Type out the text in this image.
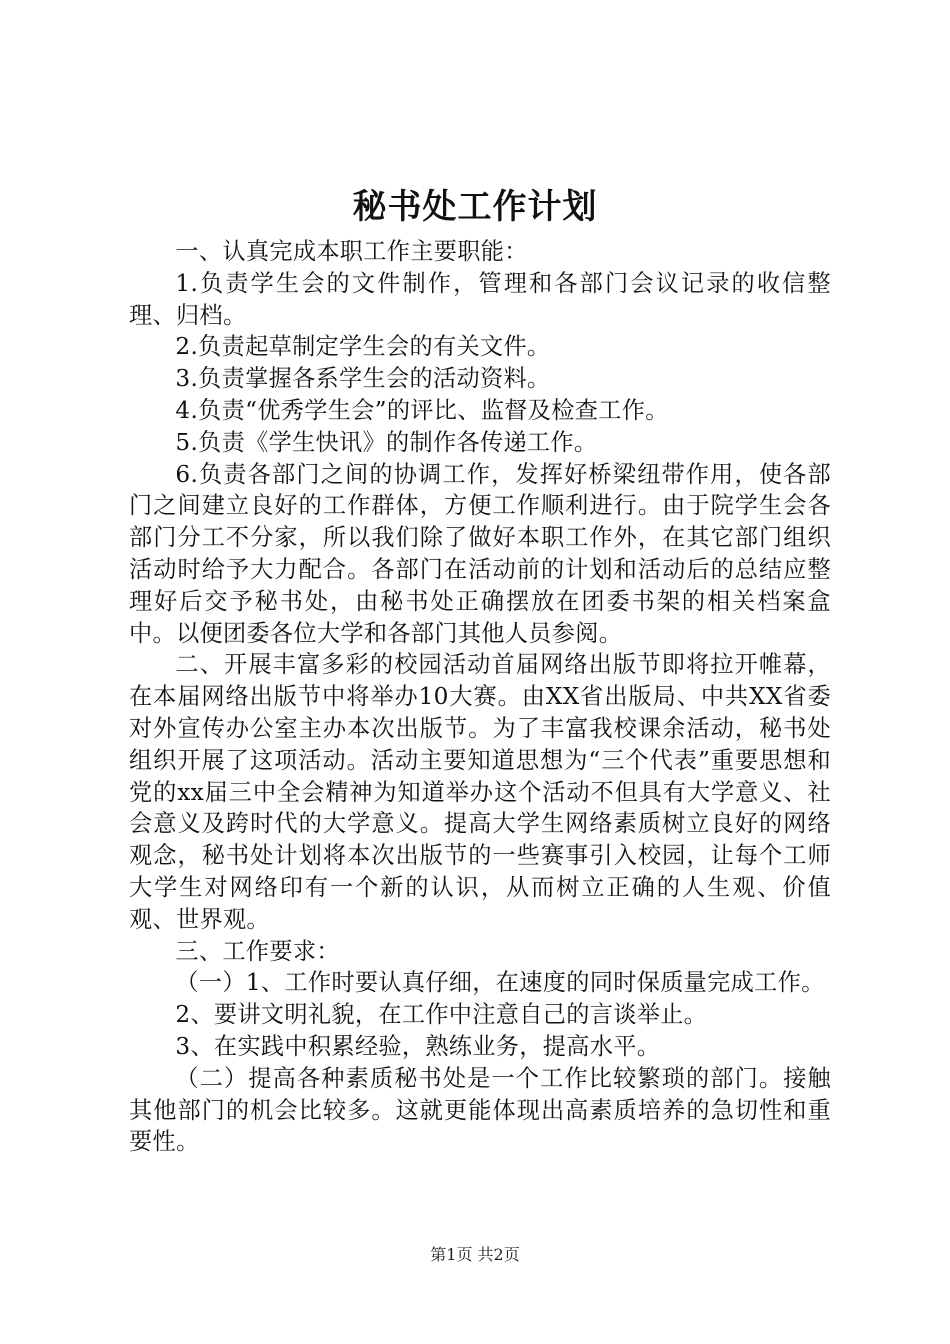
秘书处工作计划

一、认真完成本职工作主要职能：

1.负责学生会的文件制作，管理和各部门会议记录的收信整理、归档。

2.负责起草制定学生会的有关文件。

3.负责掌握各系学生会的活动资料。

4.负责“优秀学生会”的评比、监督及检查工作。

5.负责《学生快讯》的制作各传递工作。

6.负责各部门之间的协调工作，发挥好桥梁纽带作用，使各部门之间建立良好的工作群体，方便工作顺利进行。由于院学生会各部门分工不分家，所以我们除了做好本职工作外，在其它部门组织活动时给予大力配合。各部门在活动前的计划和活动后的总结应整理好后交予秘书处，由秘书处正确摆放在团委书架的相关档案盒中。以便团委各位大学和各部门其他人员参阅。

二、开展丰富多彩的校园活动首届网络出版节即将拉开帷幕，在本届网络出版节中将举办10大赛。由XX省出版局、中共XX省委对外宣传办公室主办本次出版节。为了丰富我校课余活动，秘书处组织开展了这项活动。活动主要知道思想为“三个代表”重要思想和党的xx届三中全会精神为知道举办这个活动不但具有大学意义、社会意义及跨时代的大学意义。提高大学生网络素质树立良好的网络观念，秘书处计划将本次出版节的一些赛事引入校园，让每个工师大学生对网络印有一个新的认识，从而树立正确的人生观、价值观、世界观。

三、工作要求：

（一）1、工作时要认真仔细，在速度的同时保质量完成工作。

2、要讲文明礼貌，在工作中注意自己的言谈举止。

3、在实践中积累经验，熟练业务，提高水平。

（二）提高各种素质秘书处是一个工作比较繁琐的部门。接触其他部门的机会比较多。这就更能体现出高素质培养的急切性和重要性。

第1页 共2页
